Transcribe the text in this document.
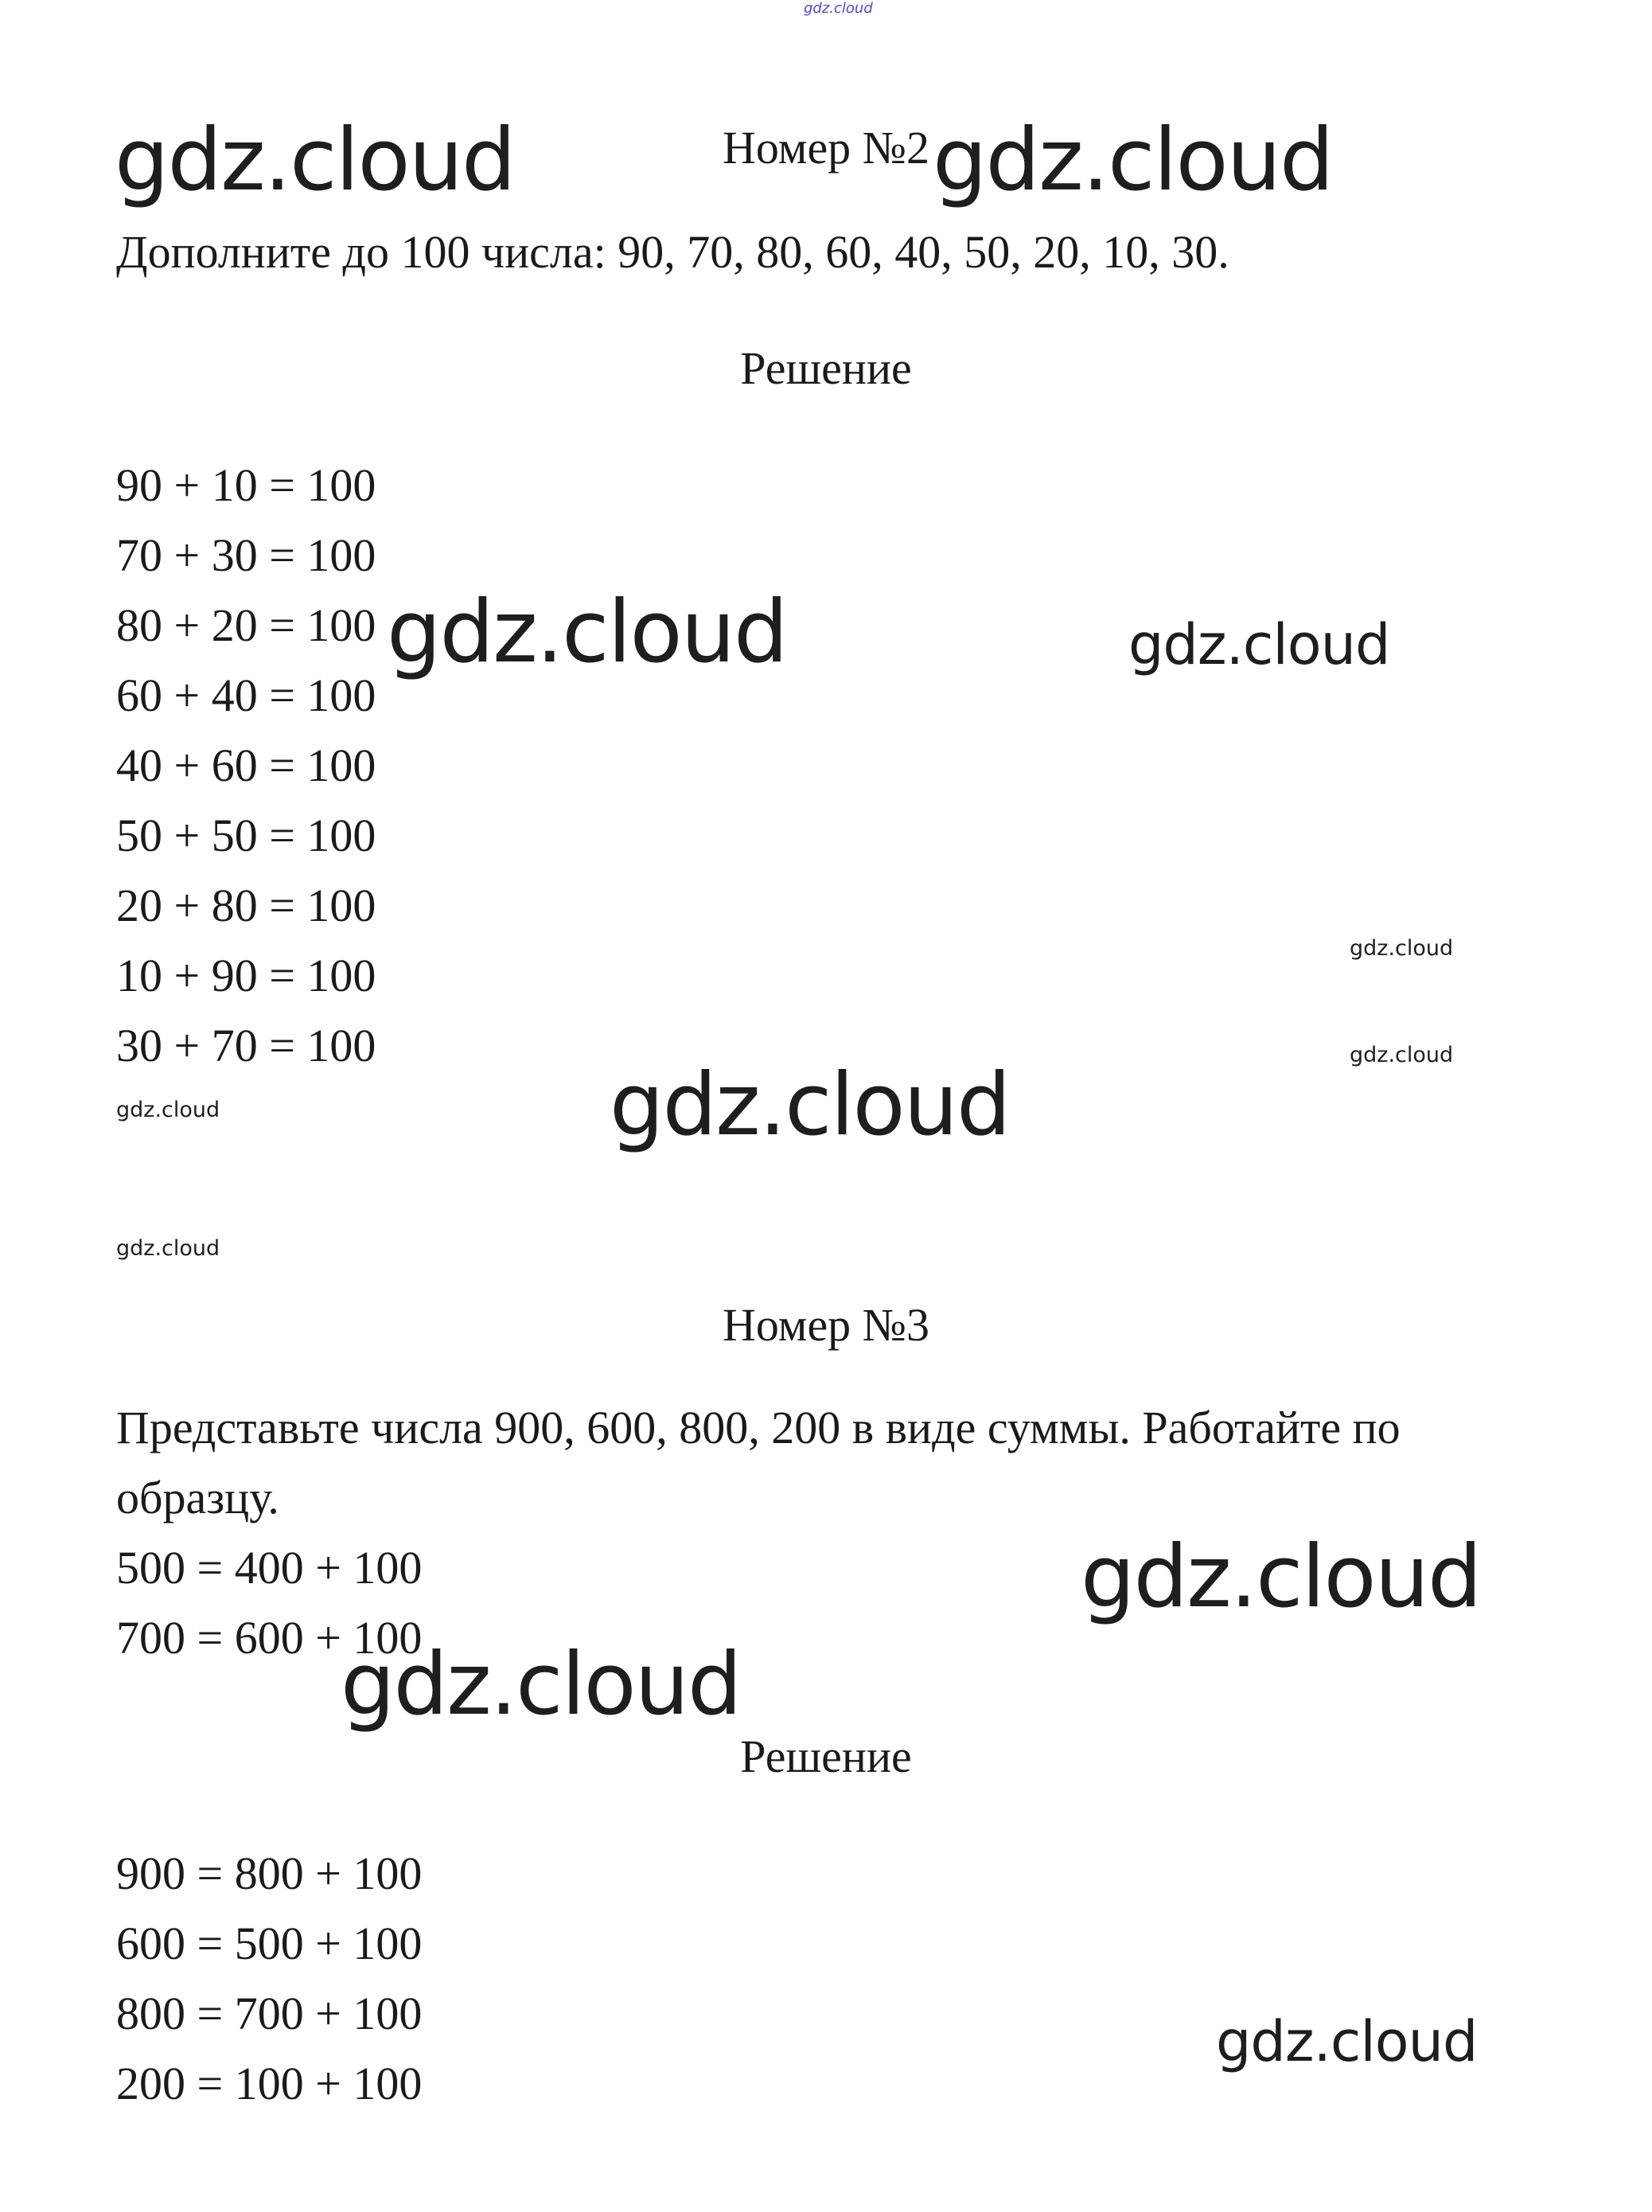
gdz.cloud
Номер №2
Дополните до 100 числа: 90, 70, 80, 60, 40, 50, 20, 10, 30.
Решение
90 + 10 = 100
70 + 30 = 100
80 + 20 = 100
60 + 40 = 100
40 + 60 = 100
50 + 50 = 100
20 + 80 = 100
10 + 90 = 100
30 + 70 = 100
Номер №3
Представьте числа 900, 600, 800, 200 в виде суммы. Работайте по
образцу.
500 = 400 + 100
700 = 600 + 100
Решение
900 = 800 + 100
600 = 500 + 100
800 = 700 + 100
200 = 100 + 100
gdz.cloud	gdz.cloud
gdz.cloud	gdz.cloud
gdz.cloud
gdz.cloud
gdz.cloud	gdz.cloud
gdz.cloud
gdz.cloud
gdz.cloud
gdz.cloud
